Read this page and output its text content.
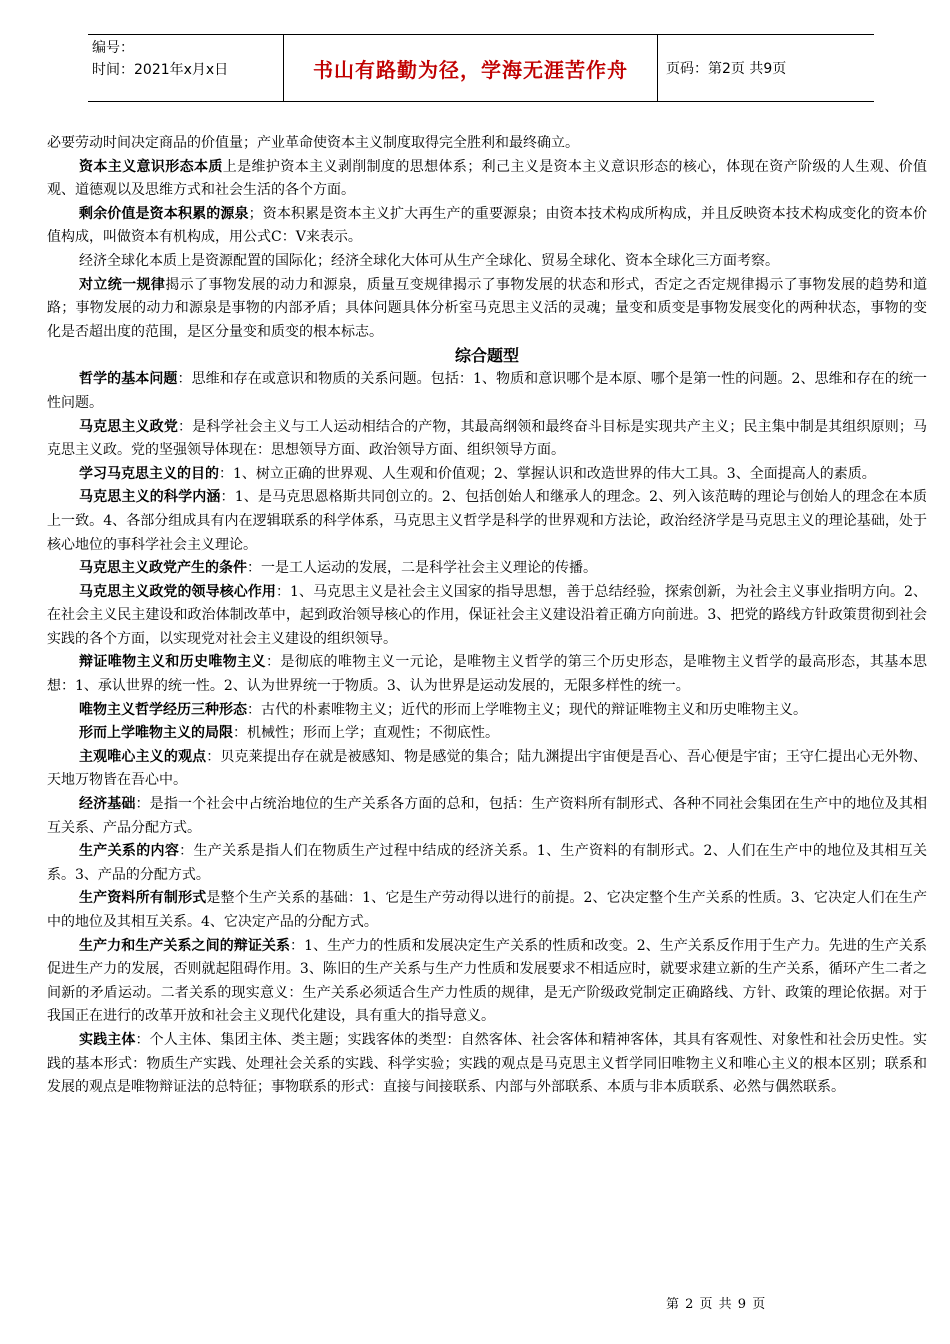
编号：
时间：2021年x月x日	书山有路勤为径，学海无涯苦作舟	页码：第2页 共9页

必要劳动时间决定商品的价值量；产业革命使资本主义制度取得完全胜利和最终确立。

资本主义意识形态本质上是维护资本主义剥削制度的思想体系；利己主义是资本主义意识形态的核心，体现在资产阶级的人生观、价值观、道德观以及思维方式和社会生活的各个方面。

剩余价值是资本积累的源泉；资本积累是资本主义扩大再生产的重要源泉；由资本技术构成所构成，并且反映资本技术构成变化的资本价值构成，叫做资本有机构成，用公式C：V来表示。

经济全球化本质上是资源配置的国际化；经济全球化大体可从生产全球化、贸易全球化、资本全球化三方面考察。

对立统一规律揭示了事物发展的动力和源泉，质量互变规律揭示了事物发展的状态和形式，否定之否定规律揭示了事物发展的趋势和道路；事物发展的动力和源泉是事物的内部矛盾；具体问题具体分析室马克思主义活的灵魂；量变和质变是事物发展变化的两种状态，事物的变化是否超出度的范围，是区分量变和质变的根本标志。

综合题型

哲学的基本问题：思维和存在或意识和物质的关系问题。包括：1、物质和意识哪个是本原、哪个是第一性的问题。2、思维和存在的统一性问题。

马克思主义政党：是科学社会主义与工人运动相结合的产物，其最高纲领和最终奋斗目标是实现共产主义；民主集中制是其组织原则；马克思主义政。党的坚强领导体现在：思想领导方面、政治领导方面、组织领导方面。

学习马克思主义的目的：1、树立正确的世界观、人生观和价值观；2、掌握认识和改造世界的伟大工具。3、全面提高人的素质。

马克思主义的科学内涵：1、是马克思恩格斯共同创立的。2、包括创始人和继承人的理念。2、列入该范畴的理论与创始人的理念在本质上一致。4、各部分组成具有内在逻辑联系的科学体系，马克思主义哲学是科学的世界观和方法论，政治经济学是马克思主义的理论基础，处于核心地位的事科学社会主义理论。

马克思主义政党产生的条件：一是工人运动的发展，二是科学社会主义理论的传播。

马克思主义政党的领导核心作用：1、马克思主义是社会主义国家的指导思想，善于总结经验，探索创新，为社会主义事业指明方向。2、在社会主义民主建设和政治体制改革中，起到政治领导核心的作用，保证社会主义建设沿着正确方向前进。3、把党的路线方针政策贯彻到社会实践的各个方面，以实现党对社会主义建设的组织领导。

辩证唯物主义和历史唯物主义：是彻底的唯物主义一元论，是唯物主义哲学的第三个历史形态，是唯物主义哲学的最高形态，其基本思想：1、承认世界的统一性。2、认为世界统一于物质。3、认为世界是运动发展的，无限多样性的统一。

唯物主义哲学经历三种形态：古代的朴素唯物主义；近代的形而上学唯物主义；现代的辩证唯物主义和历史唯物主义。

形而上学唯物主义的局限：机械性；形而上学；直观性；不彻底性。

主观唯心主义的观点：贝克莱提出存在就是被感知、物是感觉的集合；陆九渊提出宇宙便是吾心、吾心便是宇宙；王守仁提出心无外物、天地万物皆在吾心中。

经济基础：是指一个社会中占统治地位的生产关系各方面的总和，包括：生产资料所有制形式、各种不同社会集团在生产中的地位及其相互关系、产品分配方式。

生产关系的内容：生产关系是指人们在物质生产过程中结成的经济关系。1、生产资料的有制形式。2、人们在生产中的地位及其相互关系。3、产品的分配方式。

生产资料所有制形式是整个生产关系的基础：1、它是生产劳动得以进行的前提。2、它决定整个生产关系的性质。3、它决定人们在生产中的地位及其相互关系。4、它决定产品的分配方式。

生产力和生产关系之间的辩证关系：1、生产力的性质和发展决定生产关系的性质和改变。2、生产关系反作用于生产力。先进的生产关系促进生产力的发展，否则就起阻碍作用。3、陈旧的生产关系与生产力性质和发展要求不相适应时，就要求建立新的生产关系，循环产生二者之间新的矛盾运动。二者关系的现实意义：生产关系必须适合生产力性质的规律，是无产阶级政党制定正确路线、方针、政策的理论依据。对于我国正在进行的改革开放和社会主义现代化建设，具有重大的指导意义。

实践主体：个人主体、集团主体、类主题；实践客体的类型：自然客体、社会客体和精神客体，其具有客观性、对象性和社会历史性。实践的基本形式：物质生产实践、处理社会关系的实践、科学实验；实践的观点是马克思主义哲学同旧唯物主义和唯心主义的根本区别；联系和发展的观点是唯物辩证法的总特征；事物联系的形式：直接与间接联系、内部与外部联系、本质与非本质联系、必然与偶然联系。

第 2 页 共 9 页
